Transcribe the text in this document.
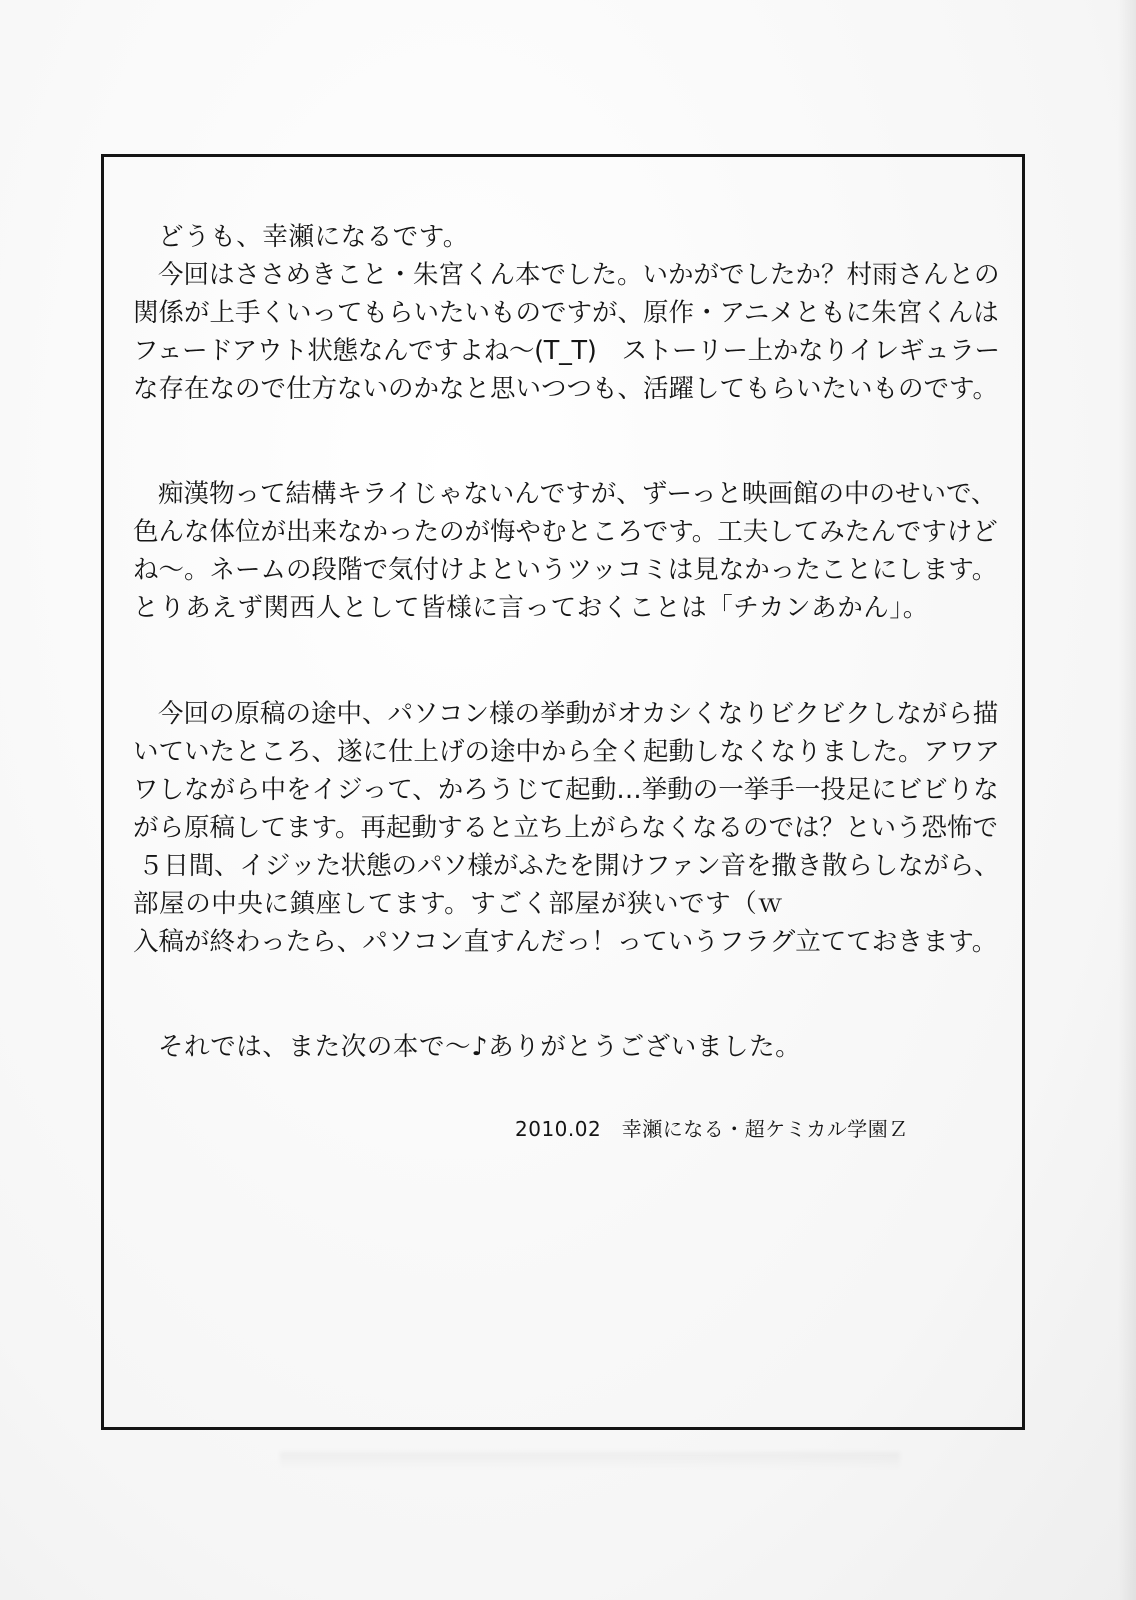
どうも、幸瀬になるです。
今回はささめきこと・朱宮くん本でした。いかがでしたか？村雨さんとの
関係が上手くいってもらいたいものですが、原作・アニメともに朱宮くんは
フェードアウト状態なんですよね〜(T_T)　ストーリー上かなりイレギュラー
な存在なので仕方ないのかなと思いつつも、活躍してもらいたいものです。
痴漢物って結構キライじゃないんですが、ずーっと映画館の中のせいで、
色んな体位が出来なかったのが悔やむところです。工夫してみたんですけど
ね〜。ネームの段階で気付けよというツッコミは見なかったことにします。
とりあえず関西人として皆様に言っておくことは「チカンあかん」。
今回の原稿の途中、パソコン様の挙動がオカシくなりビクビクしながら描
いていたところ、遂に仕上げの途中から全く起動しなくなりました。アワア
ワしながら中をイジって、かろうじて起動…挙動の一挙手一投足にビビりな
がら原稿してます。再起動すると立ち上がらなくなるのでは？という恐怖で
５日間、イジッた状態のパソ様がふたを開けファン音を撒き散らしながら、
部屋の中央に鎮座してます。すごく部屋が狭いです（ｗ
入稿が終わったら、パソコン直すんだっ！っていうフラグ立てておきます。
それでは、また次の本で〜♪ありがとうございました。
2010.02　幸瀬になる・超ケミカル学園Ｚ
